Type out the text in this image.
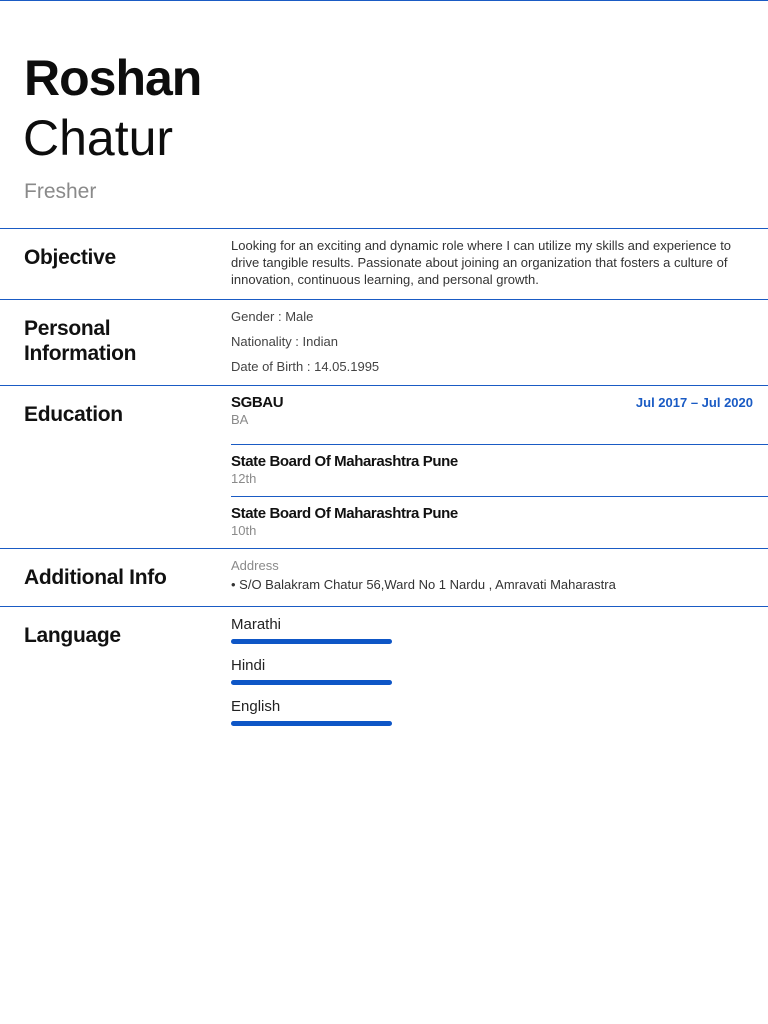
Roshan
Chatur
Fresher
Objective
Looking for an exciting and dynamic role where I can utilize my skills and experience to drive tangible results. Passionate about joining an organization that fosters a culture of innovation, continuous learning, and personal growth.
Personal Information
Gender : Male
Nationality : Indian
Date of Birth : 14.05.1995
Education
SGBAU
BA
Jul 2017 – Jul 2020
State Board Of Maharashtra Pune
12th
State Board Of Maharashtra Pune
10th
Additional Info
Address
• S/O Balakram Chatur 56,Ward No 1 Nardu , Amravati Maharastra
Language	Marathi
Hindi
English
